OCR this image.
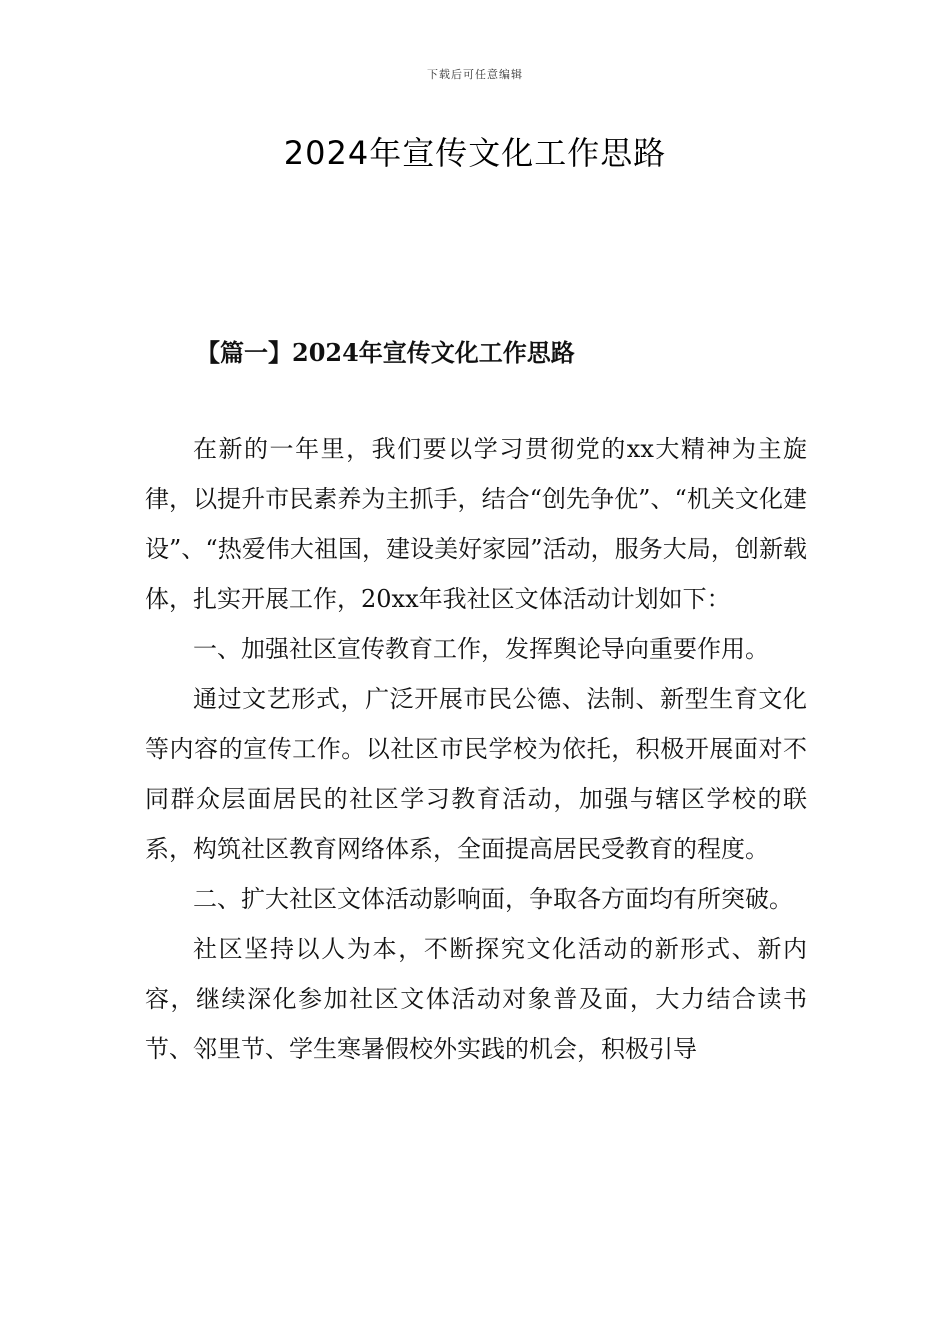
下载后可任意编辑
2024年宣传文化工作思路
【篇一】2024年宣传文化工作思路

在新的一年里，我们要以学习贯彻党的xx大精神为主旋律，以提升市民素养为主抓手，结合“创先争优”、“机关文化建设”、“热爱伟大祖国，建设美好家园”活动，服务大局，创新载体，扎实开展工作，20xx年我社区文体活动计划如下：

一、加强社区宣传教育工作，发挥舆论导向重要作用。

通过文艺形式，广泛开展市民公德、法制、新型生育文化等内容的宣传工作。以社区市民学校为依托，积极开展面对不同群众层面居民的社区学习教育活动，加强与辖区学校的联系，构筑社区教育网络体系，全面提高居民受教育的程度。

二、扩大社区文体活动影响面，争取各方面均有所突破。

社区坚持以人为本，不断探究文化活动的新形式、新内容，继续深化参加社区文体活动对象普及面，大力结合读书节、邻里节、学生寒暑假校外实践的机会，积极引导
